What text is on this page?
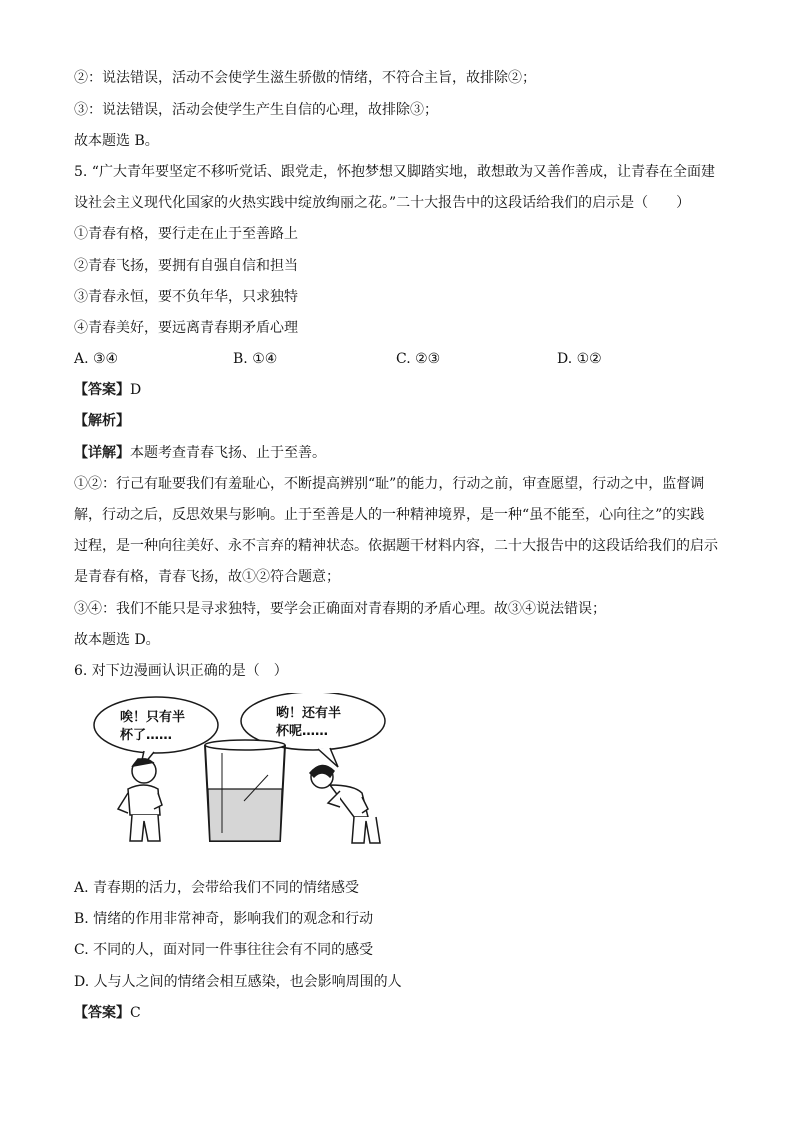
②：说法错误，活动不会使学生滋生骄傲的情绪，不符合主旨，故排除②；
③：说法错误，活动会使学生产生自信的心理，故排除③；
故本题选 B。
5. “广大青年要坚定不移听党话、跟党走，怀抱梦想又脚踏实地，敢想敢为又善作善成，让青春在全面建
设社会主义现代化国家的火热实践中绽放绚丽之花。”二十大报告中的这段话给我们的启示是（　　）
①青春有格，要行走在止于至善路上
②青春飞扬，要拥有自强自信和担当
③青春永恒，要不负年华，只求独特
④青春美好，要远离青春期矛盾心理
A. ③④	B. ①④	C. ②③	D. ①②
【答案】D
【解析】
【详解】本题考查青春飞扬、止于至善。
①②：行己有耻要我们有羞耻心，不断提高辨别“耻”的能力，行动之前，审查愿望，行动之中，监督调
解，行动之后，反思效果与影响。止于至善是人的一种精神境界，是一种“虽不能至，心向往之”的实践
过程，是一种向往美好、永不言弃的精神状态。依据题干材料内容，二十大报告中的这段话给我们的启示
是青春有格，青春飞扬，故①②符合题意；
③④：我们不能只是寻求独特，要学会正确面对青春期的矛盾心理。故③④说法错误；
故本题选 D。
6. 对下边漫画认识正确的是（　）
唉！只有半
杯了……
哟！还有半
杯呢……
A. 青春期的活力，会带给我们不同的情绪感受
B. 情绪的作用非常神奇，影响我们的观念和行动
C. 不同的人，面对同一件事往往会有不同的感受
D. 人与人之间的情绪会相互感染，也会影响周围的人
【答案】C
